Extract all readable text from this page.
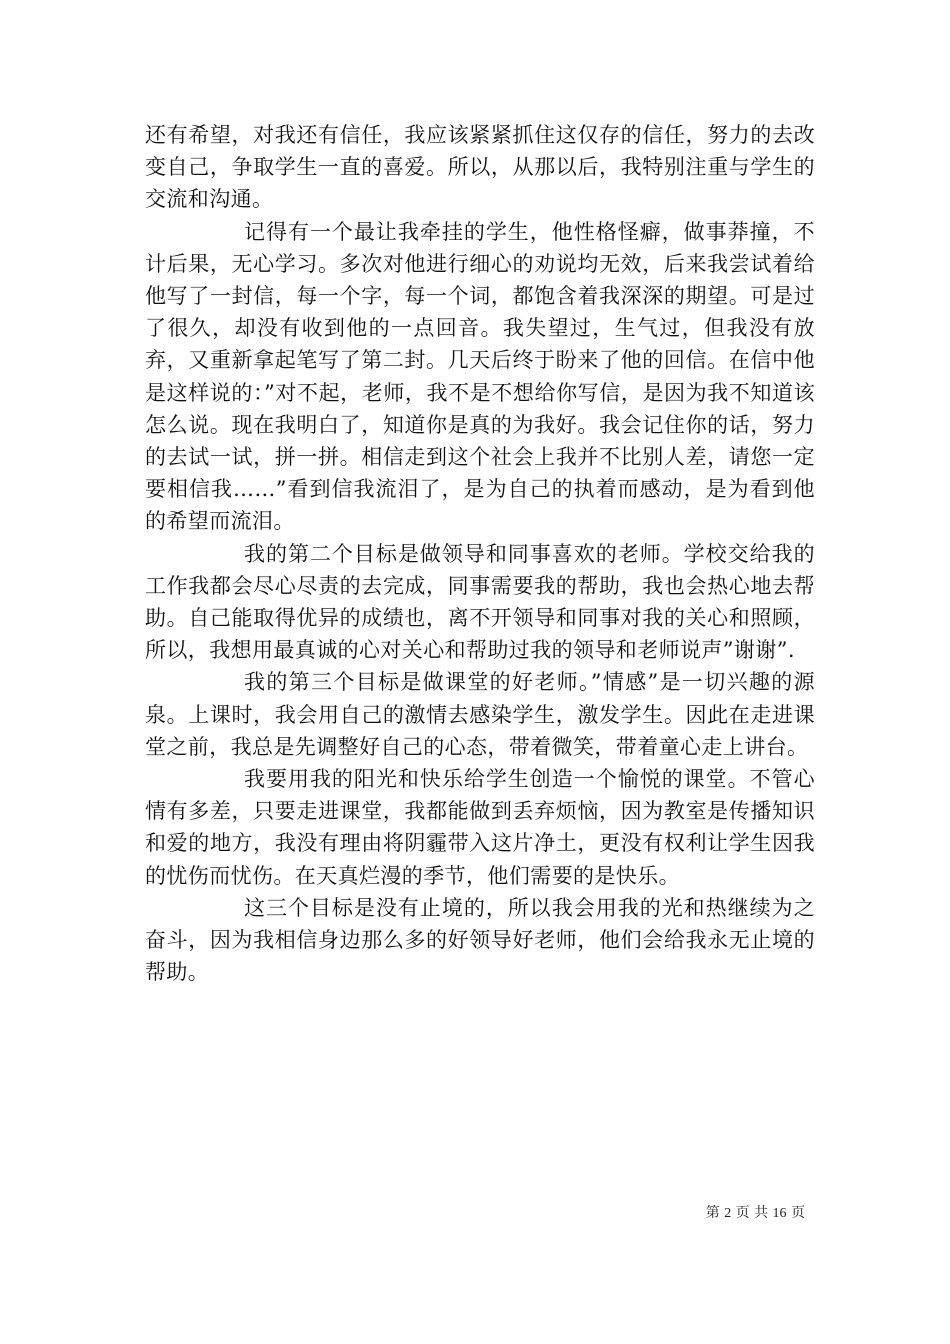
还有希望，对我还有信任，我应该紧紧抓住这仅存的信任，努力的去改变自己，争取学生一直的喜爱。所以，从那以后，我特别注重与学生的交流和沟通。

记得有一个最让我牵挂的学生，他性格怪癖，做事莽撞，不计后果，无心学习。多次对他进行细心的劝说均无效，后来我尝试着给他写了一封信，每一个字，每一个词，都饱含着我深深的期望。可是过了很久，却没有收到他的一点回音。我失望过，生气过，但我没有放弃，又重新拿起笔写了第二封。几天后终于盼来了他的回信。在信中他是这样说的：”对不起，老师，我不是不想给你写信，是因为我不知道该怎么说。现在我明白了，知道你是真的为我好。我会记住你的话，努力的去试一试，拼一拼。相信走到这个社会上我并不比别人差，请您一定要相信我……”看到信我流泪了，是为自己的执着而感动，是为看到他的希望而流泪。

我的第二个目标是做领导和同事喜欢的老师。学校交给我的工作我都会尽心尽责的去完成，同事需要我的帮助，我也会热心地去帮助。自己能取得优异的成绩也，离不开领导和同事对我的关心和照顾，所以，我想用最真诚的心对关心和帮助过我的领导和老师说声”谢谢”.

我的第三个目标是做课堂的好老师。”情感”是一切兴趣的源泉。上课时，我会用自己的激情去感染学生，激发学生。因此在走进课堂之前，我总是先调整好自己的心态，带着微笑，带着童心走上讲台。

我要用我的阳光和快乐给学生创造一个愉悦的课堂。不管心情有多差，只要走进课堂，我都能做到丢弃烦恼，因为教室是传播知识和爱的地方，我没有理由将阴霾带入这片净土，更没有权利让学生因我的忧伤而忧伤。在天真烂漫的季节，他们需要的是快乐。

这三个目标是没有止境的，所以我会用我的光和热继续为之奋斗，因为我相信身边那么多的好领导好老师，他们会给我永无止境的帮助。

第 2 页 共 16 页
